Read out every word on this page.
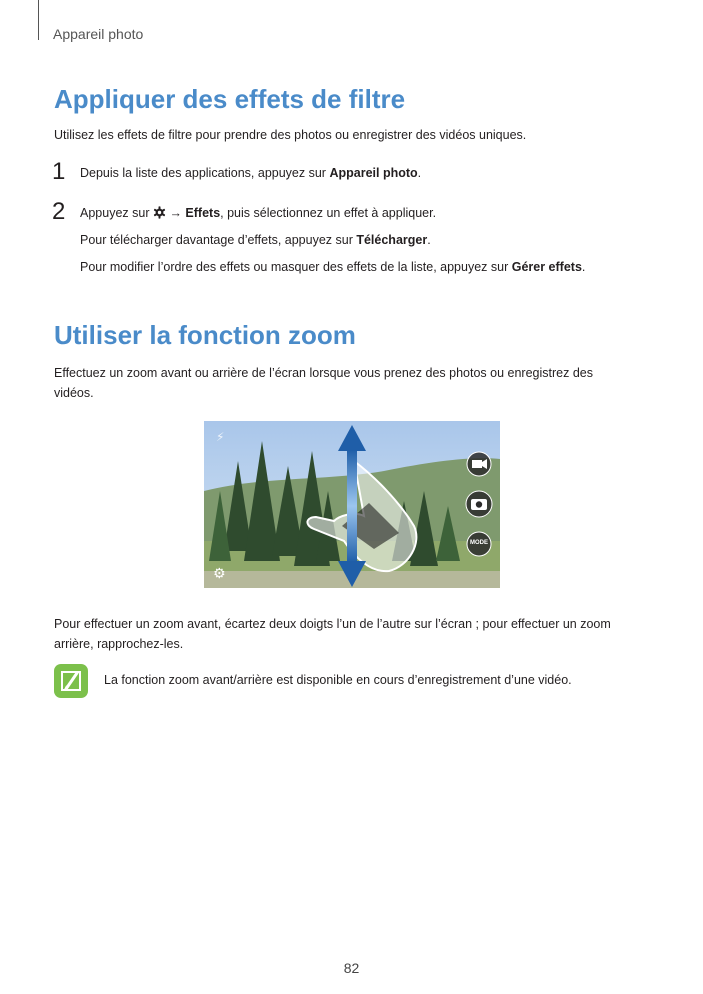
Appareil photo
Appliquer des effets de filtre

Utilisez les effets de filtre pour prendre des photos ou enregistrer des vidéos uniques.

1 Depuis la liste des applications, appuyez sur Appareil photo.
2 Appuyez sur  → Effets, puis sélectionnez un effet à appliquer.
Pour télécharger davantage d’effets, appuyez sur Télécharger.
Pour modifier l’ordre des effets ou masquer des effets de la liste, appuyez sur Gérer effets.
Utiliser la fonction zoom

Effectuez un zoom avant ou arrière de l’écran lorsque vous prenez des photos ou enregistrez des

vidéos.

⚡
⚙
MODE

Pour effectuer un zoom avant, écartez deux doigts l’un de l’autre sur l’écran ; pour effectuer un zoom

arrière, rapprochez-les.

La fonction zoom avant/arrière est disponible en cours d’enregistrement d’une vidéo.
82
